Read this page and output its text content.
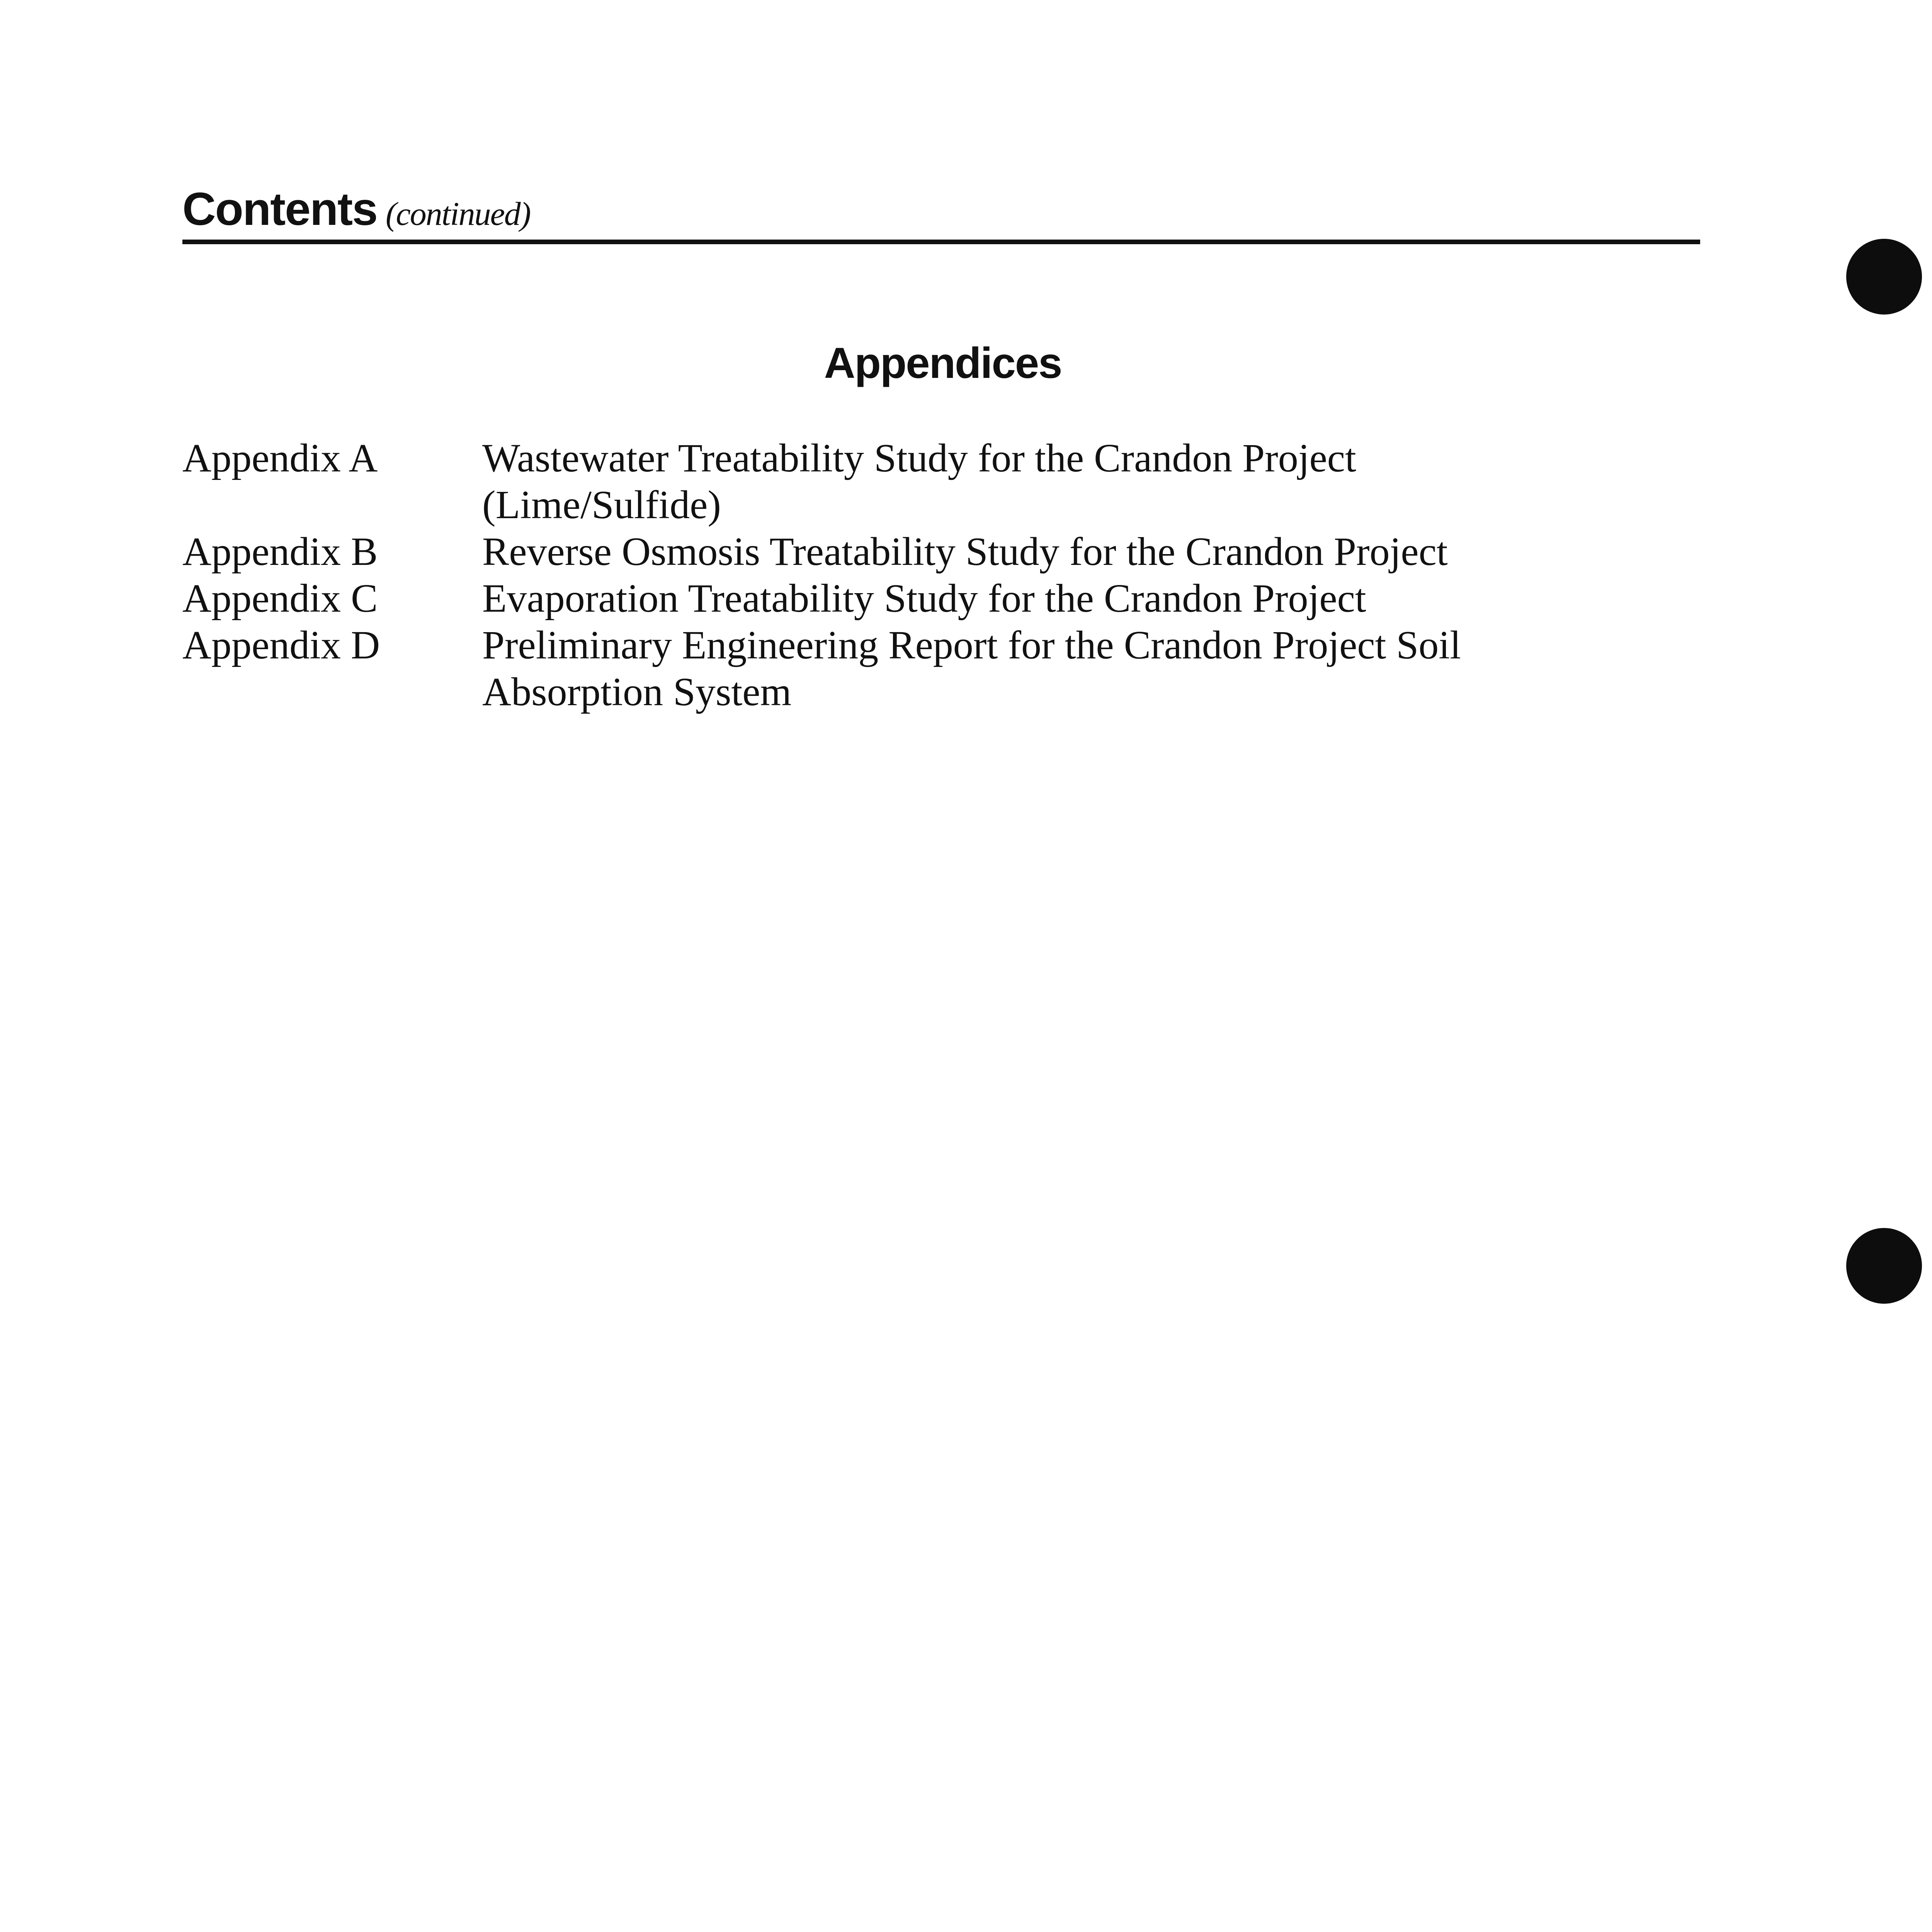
Contents (continued)
Appendices
Appendix A	Wastewater Treatability Study for the Crandon Project (Lime/Sulfide)
Appendix B	Reverse Osmosis Treatability Study for the Crandon Project
Appendix C	Evaporation Treatability Study for the Crandon Project
Appendix D	Preliminary Engineering Report for the Crandon Project Soil Absorption System
